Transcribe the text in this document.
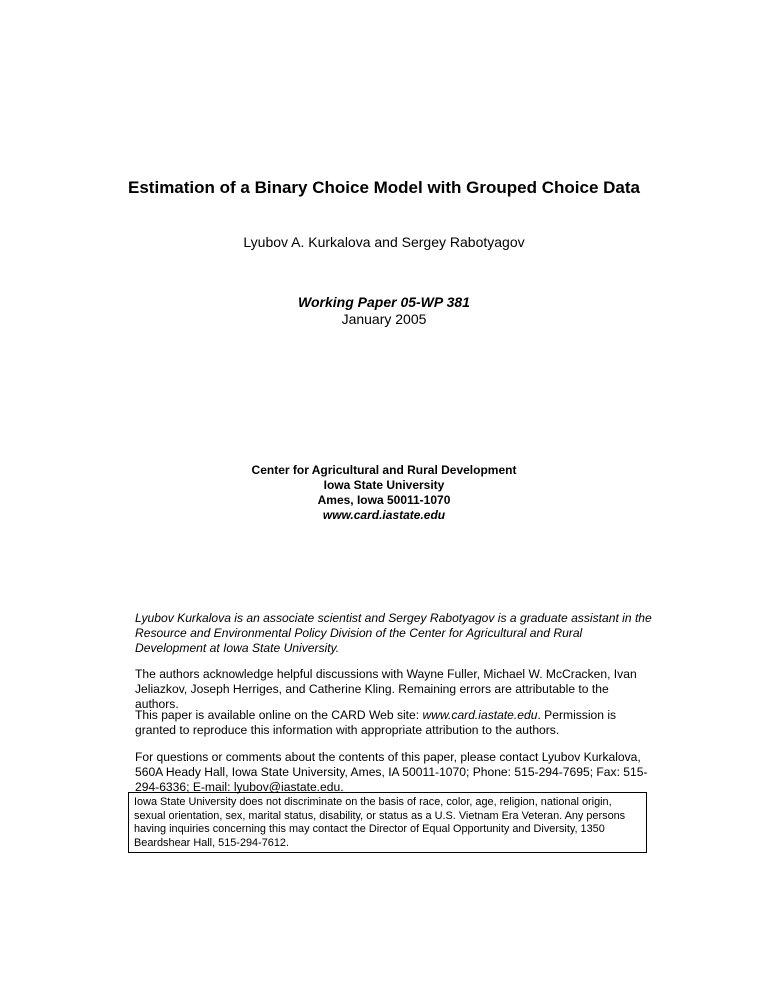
Estimation of a Binary Choice Model with Grouped Choice Data
Lyubov A. Kurkalova and Sergey Rabotyagov
Working Paper 05-WP 381
January 2005
Center for Agricultural and Rural Development
Iowa State University
Ames, Iowa 50011-1070
www.card.iastate.edu
Lyubov Kurkalova is an associate scientist and Sergey Rabotyagov is a graduate assistant in the Resource and Environmental Policy Division of the Center for Agricultural and Rural Development at Iowa State University.
The authors acknowledge helpful discussions with Wayne Fuller, Michael W. McCracken, Ivan Jeliazkov, Joseph Herriges, and Catherine Kling. Remaining errors are attributable to the authors.
This paper is available online on the CARD Web site: www.card.iastate.edu. Permission is granted to reproduce this information with appropriate attribution to the authors.
For questions or comments about the contents of this paper, please contact Lyubov Kurkalova, 560A Heady Hall, Iowa State University, Ames, IA 50011-1070; Phone: 515-294-7695; Fax: 515-294-6336; E-mail: lyubov@iastate.edu.
Iowa State University does not discriminate on the basis of race, color, age, religion, national origin, sexual orientation, sex, marital status, disability, or status as a U.S. Vietnam Era Veteran. Any persons having inquiries concerning this may contact the Director of Equal Opportunity and Diversity, 1350 Beardshear Hall, 515-294-7612.
